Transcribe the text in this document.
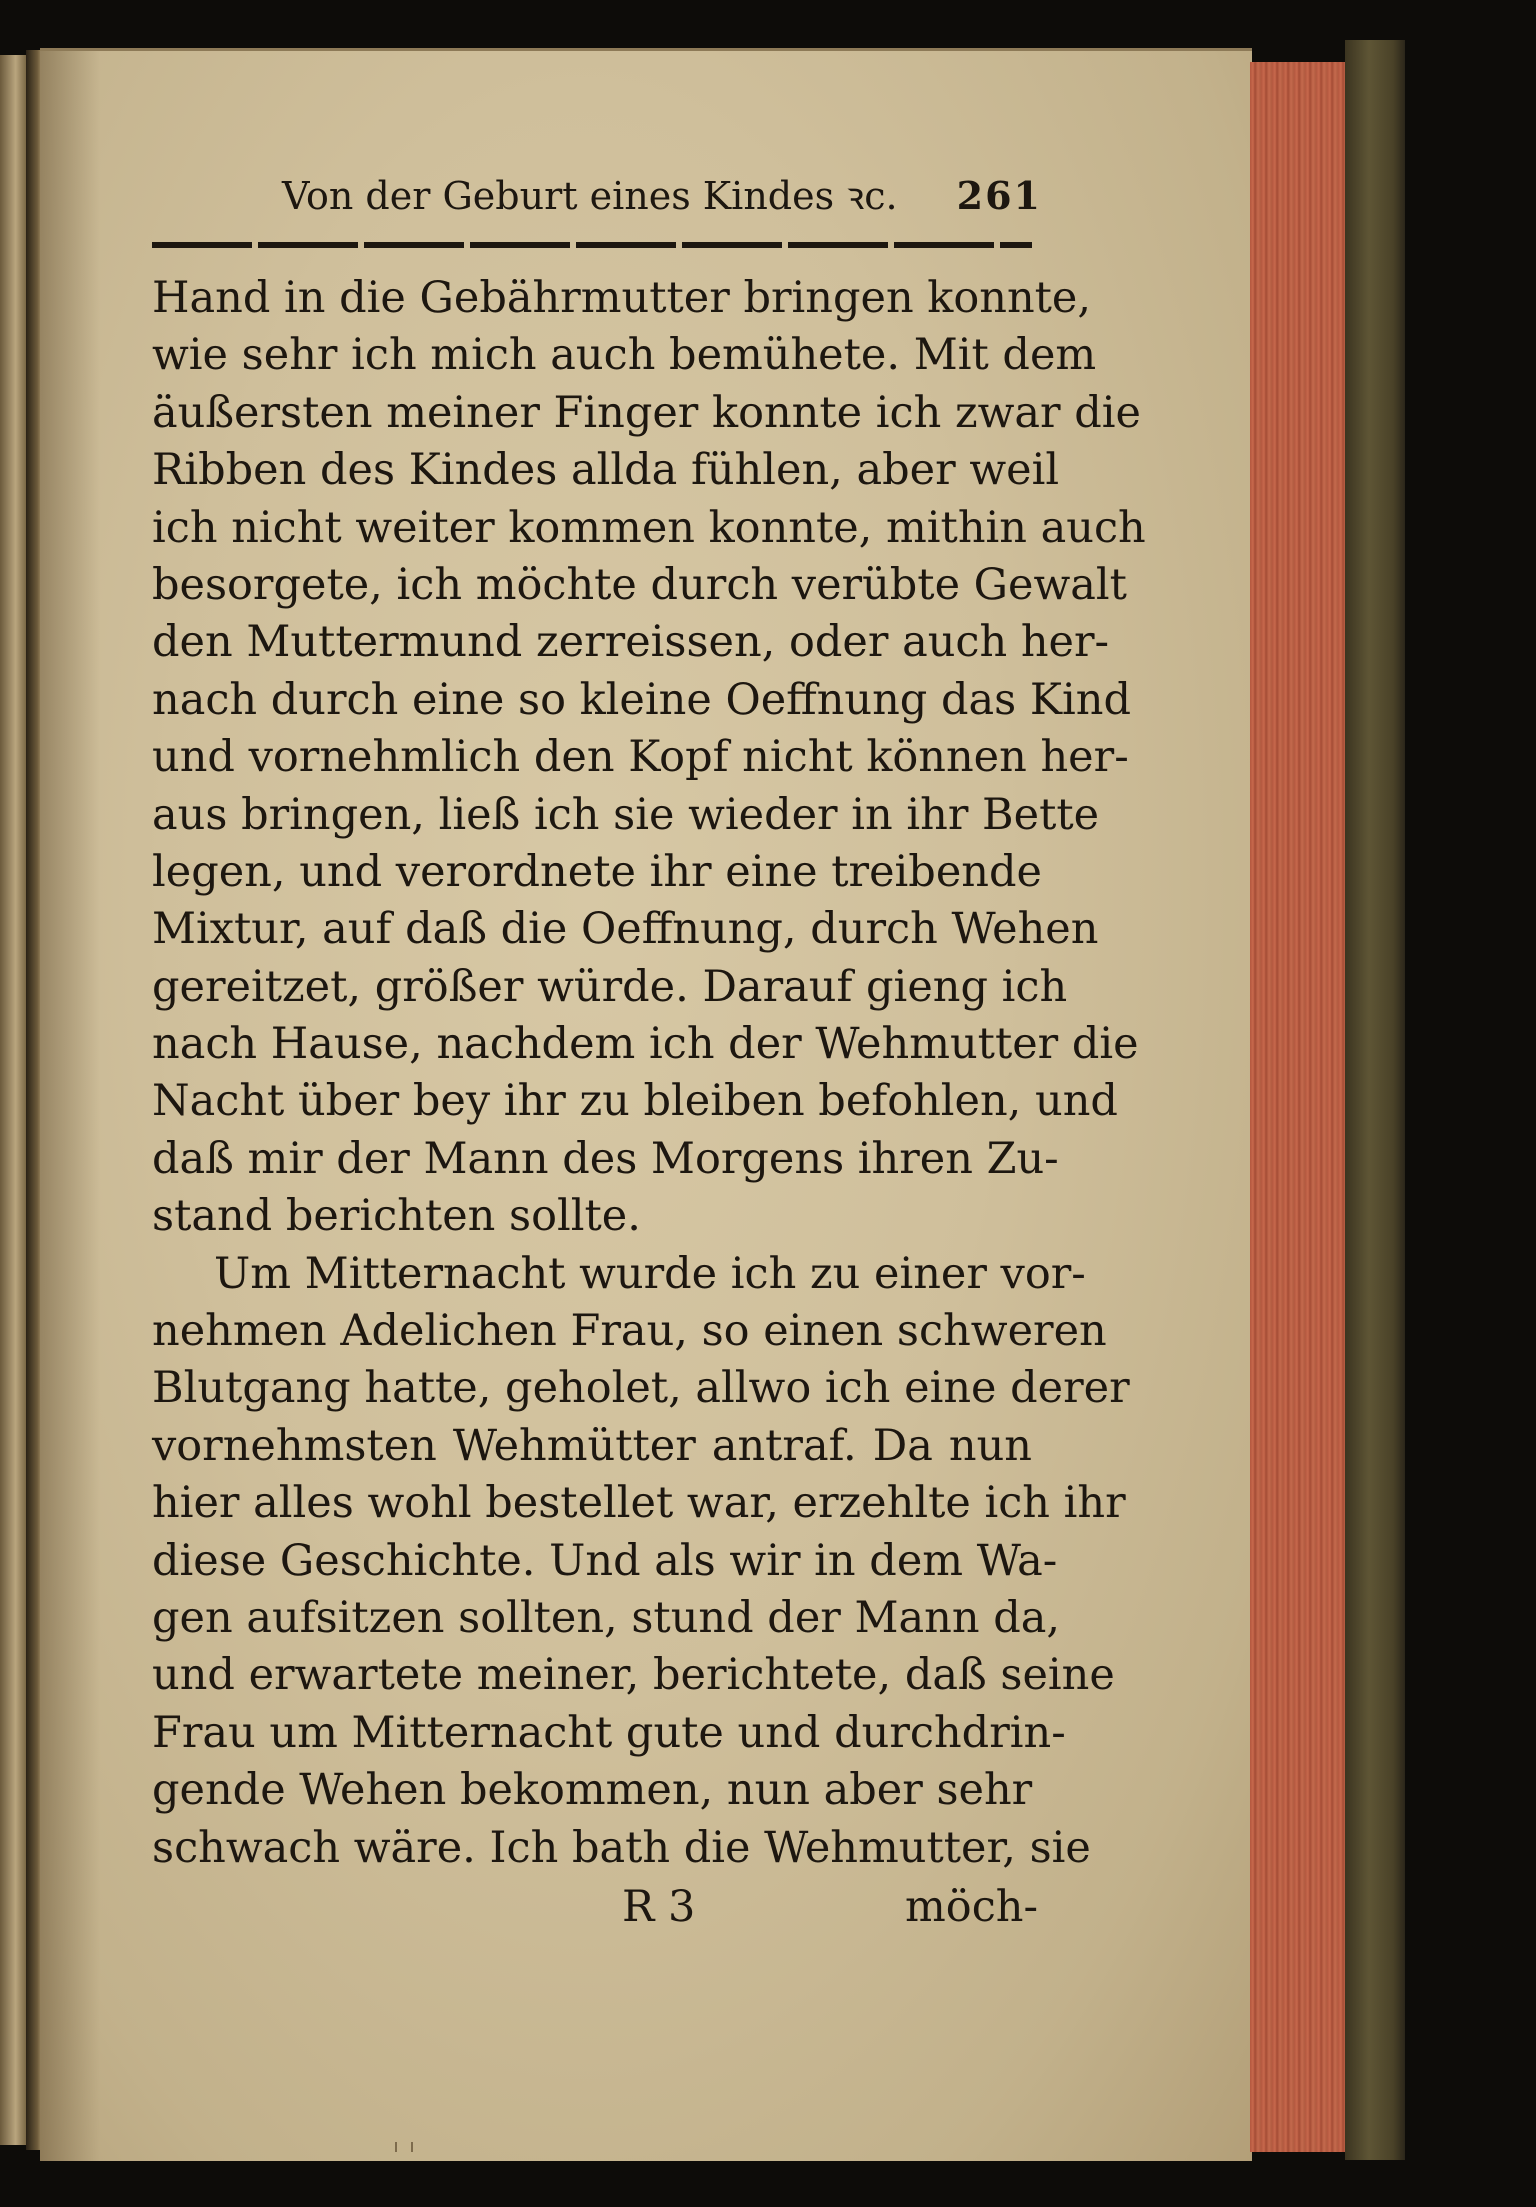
Von der Geburt eines Kindes ꝛc. 261
Hand in die Gebährmutter bringen konnte,
wie sehr ich mich auch bemühete. Mit dem
äußersten meiner Finger konnte ich zwar die
Ribben des Kindes allda fühlen, aber weil
ich nicht weiter kommen konnte, mithin auch
besorgete, ich möchte durch verübte Gewalt
den Muttermund zerreissen, oder auch her-
nach durch eine so kleine Oeffnung das Kind
und vornehmlich den Kopf nicht können her-
aus bringen, ließ ich sie wieder in ihr Bette
legen, und verordnete ihr eine treibende
Mixtur, auf daß die Oeffnung, durch Wehen
gereitzet, größer würde. Darauf gieng ich
nach Hause, nachdem ich der Wehmutter die
Nacht über bey ihr zu bleiben befohlen, und
daß mir der Mann des Morgens ihren Zu-
stand berichten sollte.
Um Mitternacht wurde ich zu einer vor-
nehmen Adelichen Frau, so einen schweren
Blutgang hatte, geholet, allwo ich eine derer
vornehmsten Wehmütter antraf. Da nun
hier alles wohl bestellet war, erzehlte ich ihr
diese Geschichte. Und als wir in dem Wa-
gen aufsitzen sollten, stund der Mann da,
und erwartete meiner, berichtete, daß seine
Frau um Mitternacht gute und durchdrin-
gende Wehen bekommen, nun aber sehr
schwach wäre. Ich bath die Wehmutter, sie
R 3	möch-
